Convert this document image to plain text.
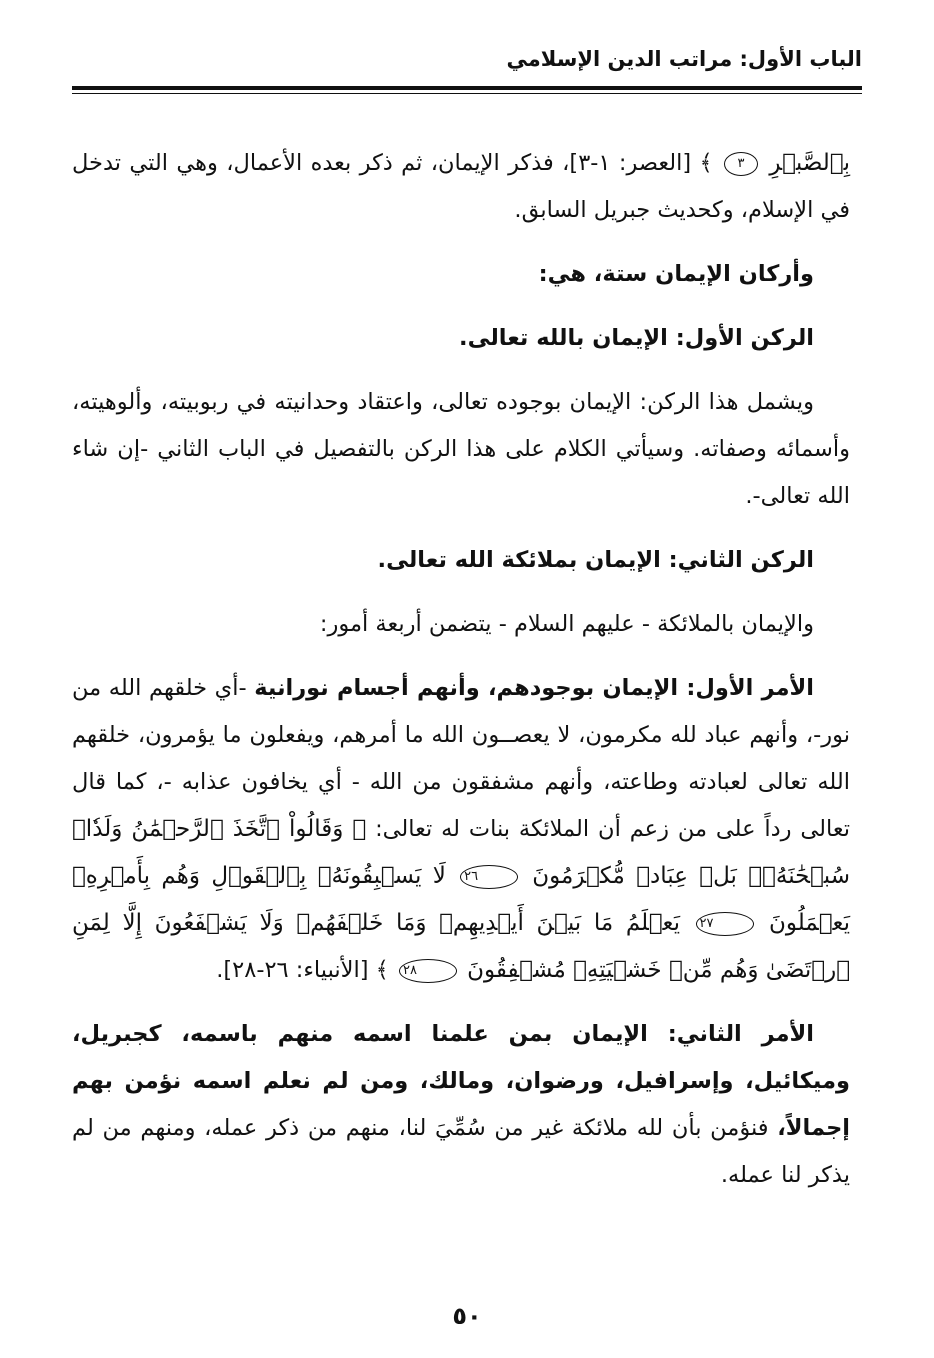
الباب الأول: مراتب الدين الإسلامي

بِٱلصَّبۡرِ ٣ ﴾ [العصر: ١-٣]، فذكر الإيمان، ثم ذكر بعده الأعمال، وهي التي تدخل في الإسلام، وكحديث جبريل السابق.

وأركان الإيمان ستة، هي:

الركن الأول: الإيمان بالله تعالى.

ويشمل هذا الركن: الإيمان بوجوده تعالى، واعتقاد وحدانيته في ربوبيته، وألوهيته، وأسمائه وصفاته. وسيأتي الكلام على هذا الركن بالتفصيل في الباب الثاني -إن شاء الله تعالى-.

الركن الثاني: الإيمان بملائكة الله تعالى.

والإيمان بالملائكة - عليهم السلام - يتضمن أربعة أمور:

الأمر الأول: الإيمان بوجودهم، وأنهم أجسام نورانية -أي خلقهم الله من نور-، وأنهم عباد لله مكرمون، لا يعصــون الله ما أمرهم، ويفعلون ما يؤمرون، خلقهم الله تعالى لعبادته وطاعته، وأنهم مشفقون من الله - أي يخافون عذابه -، كما قال تعالى رداً على من زعم أن الملائكة بنات له تعالى: ﴿ وَقَالُواْ ٱتَّخَذَ ٱلرَّحۡمَٰنُ وَلَدٗاۗ سُبۡحَٰنَهُۥۚ بَلۡ عِبَادٞ مُّكۡرَمُونَ ٢٦ لَا يَسۡبِقُونَهُۥ بِٱلۡقَوۡلِ وَهُم بِأَمۡرِهِۦ يَعۡمَلُونَ ٢٧ يَعۡلَمُ مَا بَيۡنَ أَيۡدِيهِمۡ وَمَا خَلۡفَهُمۡ وَلَا يَشۡفَعُونَ إِلَّا لِمَنِ ٱرۡتَضَىٰ وَهُم مِّنۡ خَشۡيَتِهِۦ مُشۡفِقُونَ ٢٨ ﴾ [الأنبياء: ٢٦-٢٨].

الأمر الثاني: الإيمان بمن علمنا اسمه منهم باسمه، كجبريل، وميكائيل، وإسرافيل، ورضوان، ومالك، ومن لم نعلم اسمه نؤمن بهم إجمالاً، فنؤمن بأن لله ملائكة غير من سُمِّيَ لنا، منهم من ذكر عمله، ومنهم من لم يذكر لنا عمله.

٥٠
